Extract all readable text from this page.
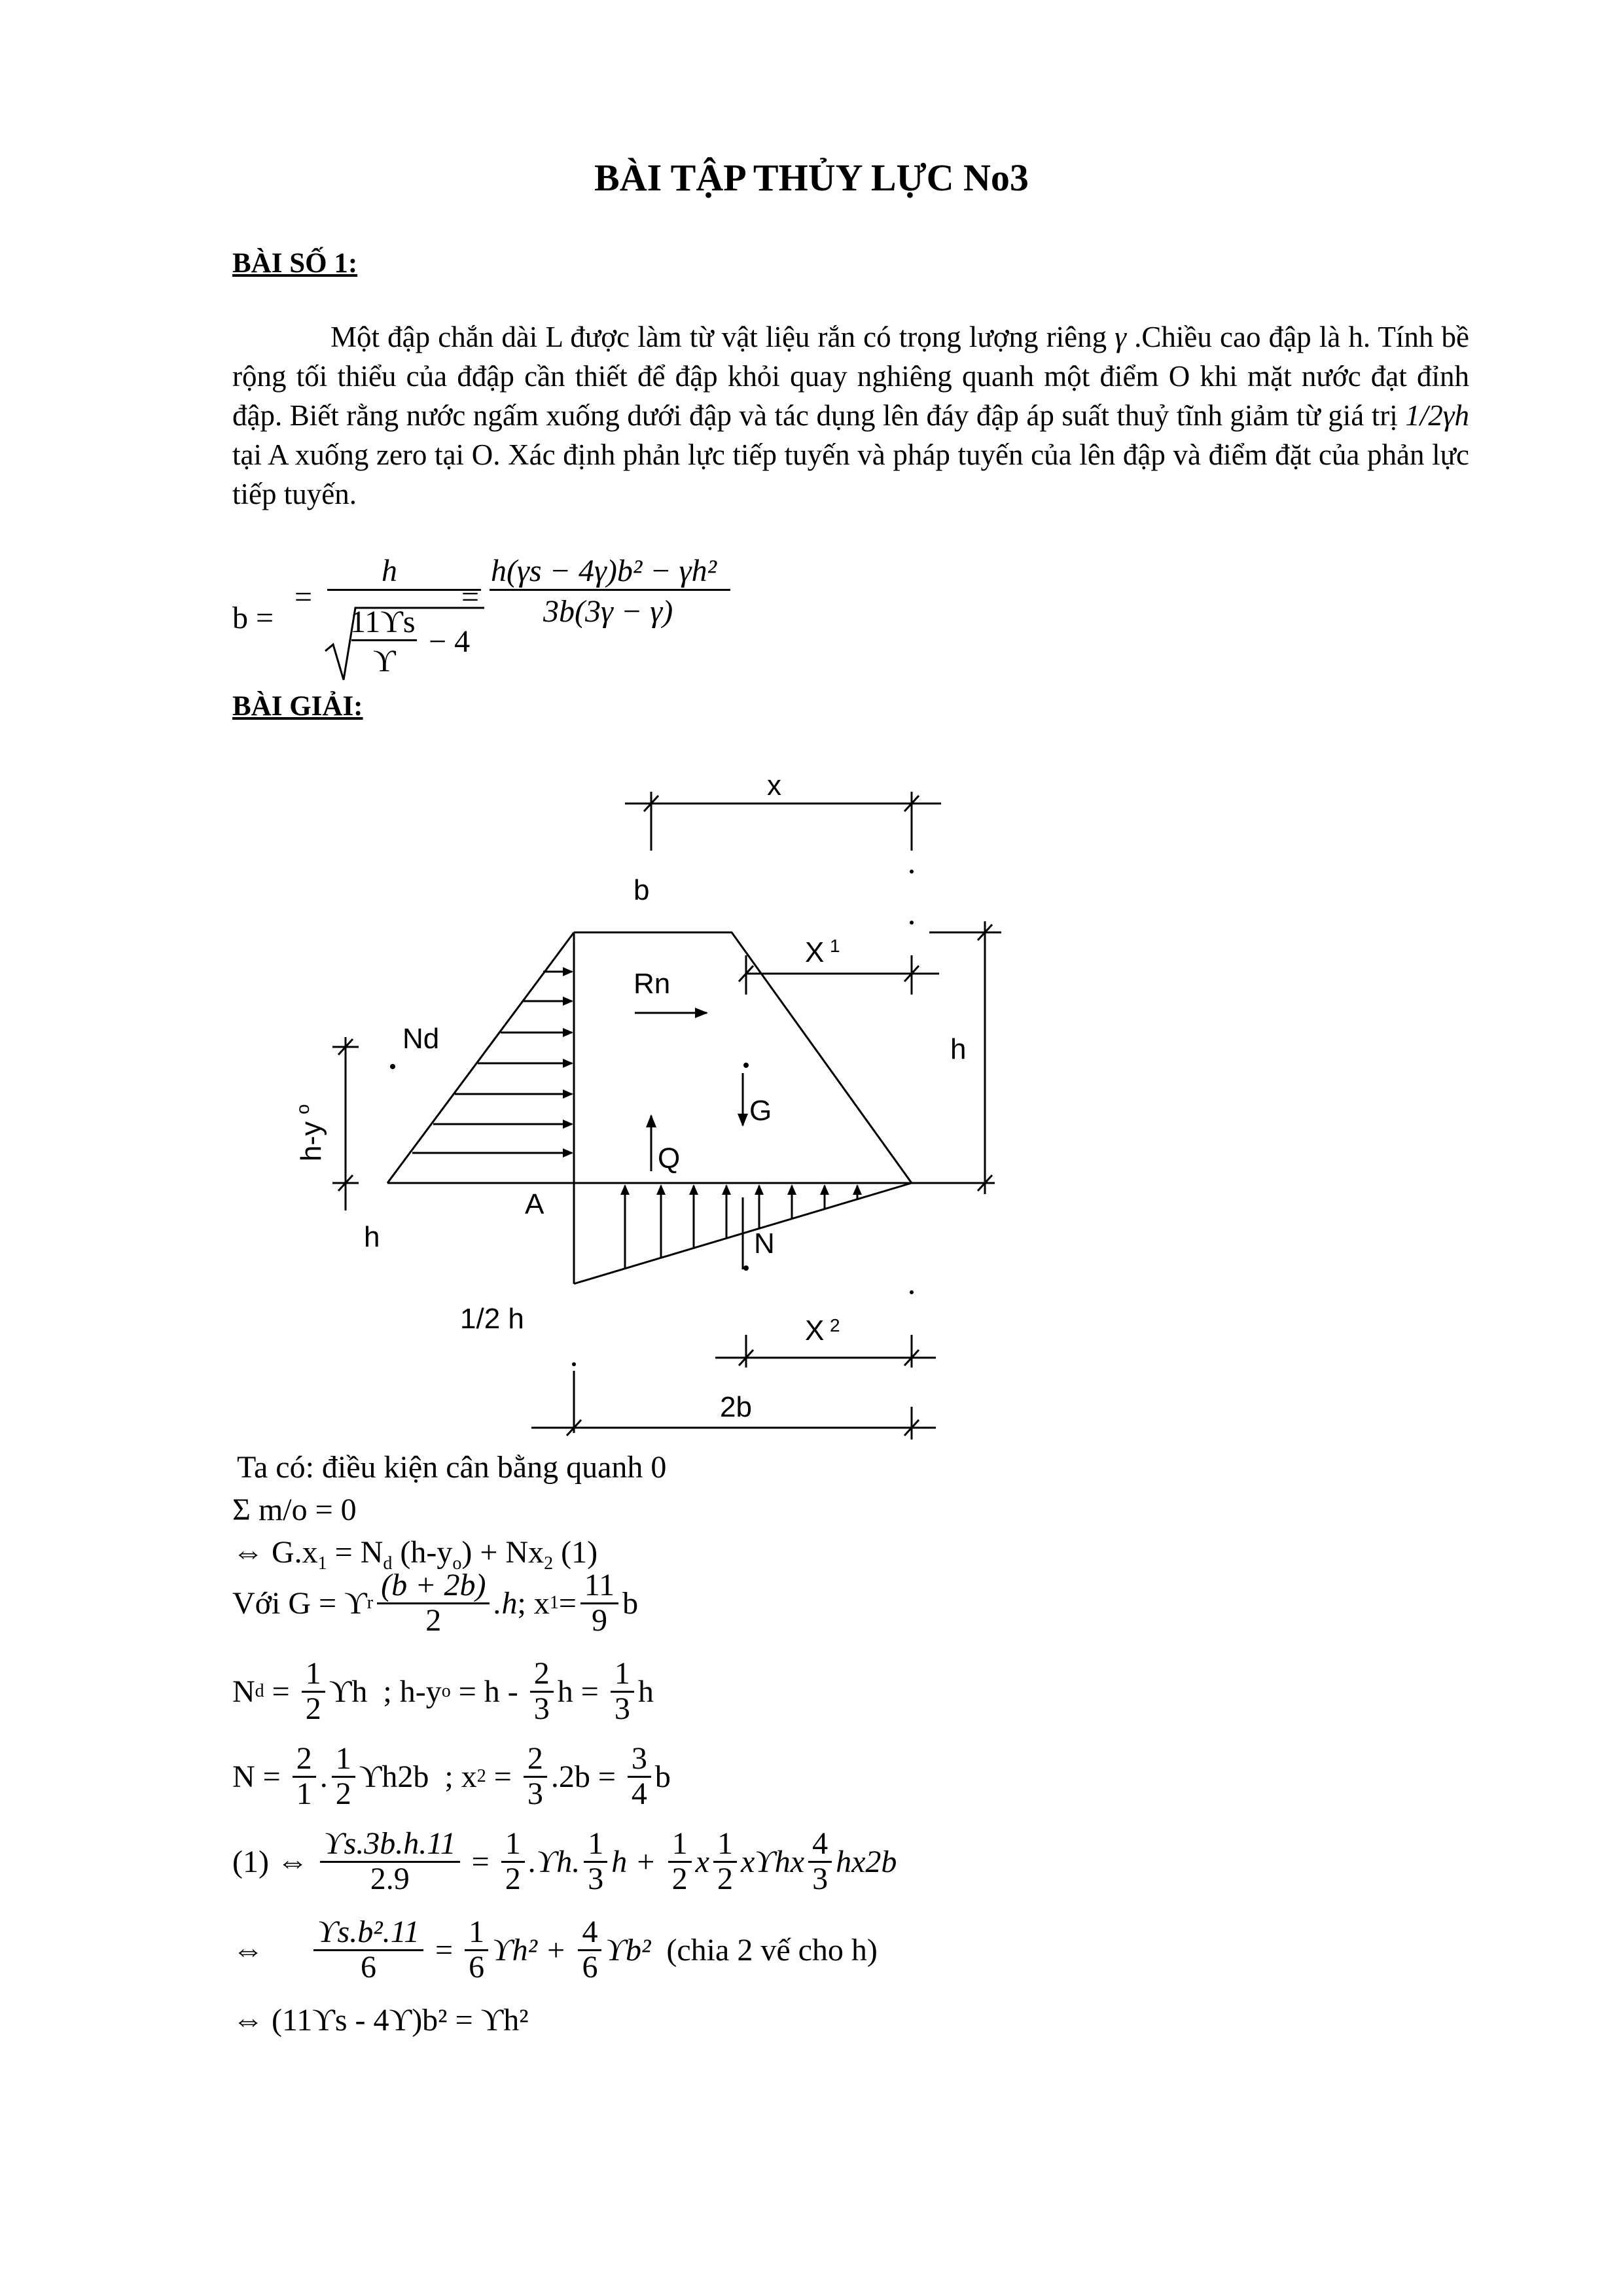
BÀI TẬP THỦY LỰC No3
BÀI SỐ 1:
Một đập chắn dài L được làm từ vật liệu rắn có trọng lượng riêng γ .Chiều cao đập là h. Tính bề rộng tối thiểu của đđập cần thiết để đập khỏi quay nghiêng quanh một điểm O khi mặt nước đạt đỉnh đập. Biết rằng nước ngấm xuống dưới đập và tác dụng lên đáy đập áp suất thuỷ tĩnh giảm từ giá trị 1/2γh tại A xuống zero tại O. Xác định phản lực tiếp tuyến và pháp tuyến của lên đập và điểm đặt của phản lực tiếp tuyến.
b =
=
h
11ϒs
ϒ
− 4
=
h(γs − 4γ)b² − γh²
3b(3γ − γ)
BÀI GIẢI:
x
b
X 1
Rn
Nd	h
G
Q
A
h	N
1/2 h	X 2
2b
h-y
o
Ta có: điều kiện cân bằng quanh 0
Σ m/o = 0
⇔ $G.x_1 = N_d$ $(h-y_o) + Nx_2$ (1)
Với G = ϒ r $\frac{(b + 2b)}{2} .h$ ; x $1 = \frac{11}{9}$ b
N $d = \frac{1}{2}$ ϒh  ; h-y $o = h - \frac{2}{3}$ $h = \frac{1}{3}$ h
$N = \frac{2}{1}$ . $\frac{1}{2} ϒh2b$  ; x $2 = \frac{2}{3} .2b = \frac{3}{4}$ b
(1) ⇔ $\frac{ϒs.3b.h.11}{2.9} = \frac{1}{2} .ϒh$. $\frac{1}{3}$ $h + \frac{1}{2}$ x $\frac{1}{2}$ xϒhx $\frac{4}{3} hx2b$
⇔ $\frac{\text{ϒs.b².11}}{6} = \frac{1}{6} ϒh^2 + \frac{4}{6} ϒb^2$ (chia 2 vế cho h)
⇔ (11ϒs - 4ϒ)b² = ϒh²
